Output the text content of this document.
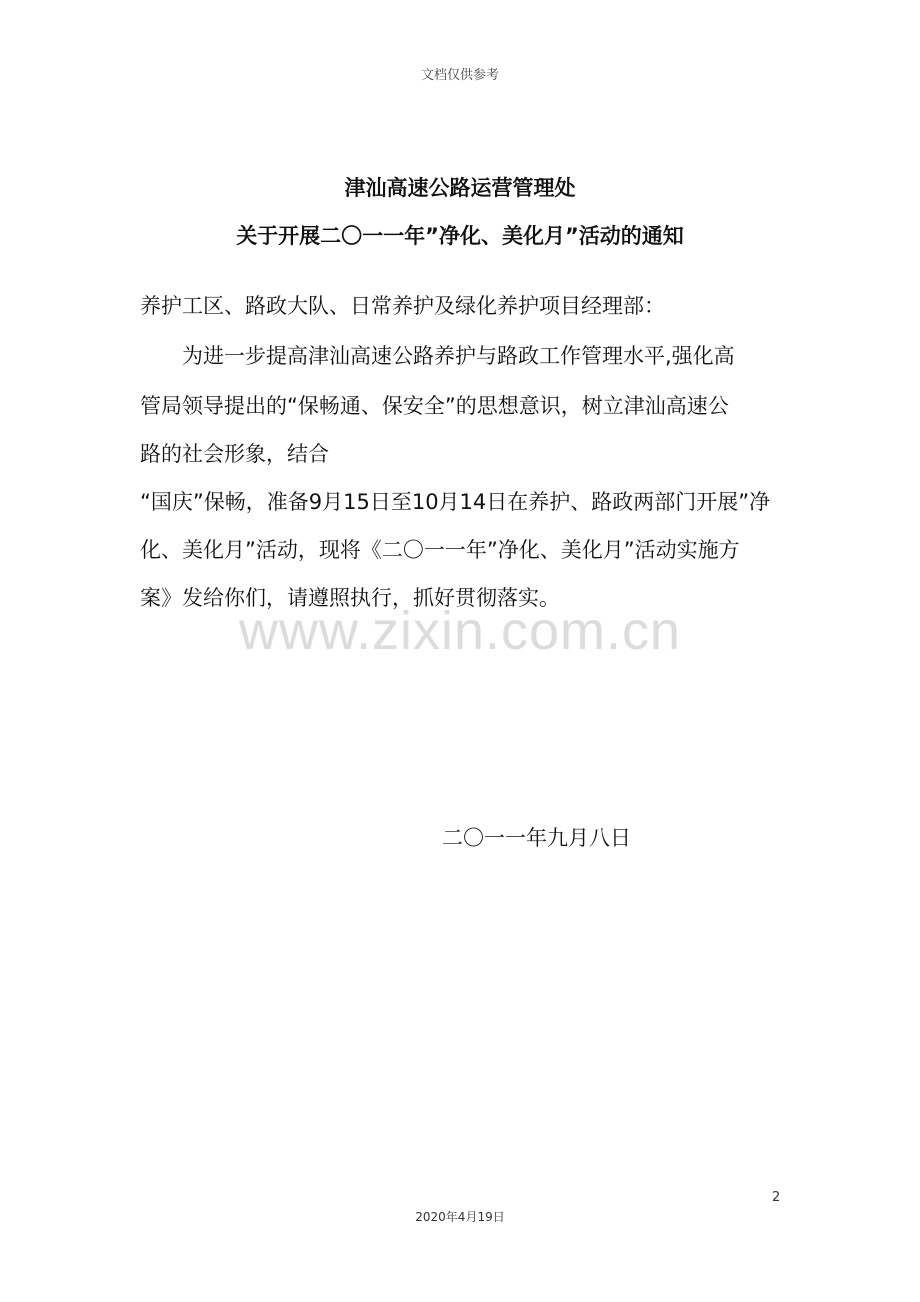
文档仅供参考
津汕高速公路运营管理处
关于开展二〇一一年”净化、美化月”活动的通知
养护工区、路政大队、日常养护及绿化养护项目经理部：
　　为进一步提高津汕高速公路养护与路政工作管理水平,强化高
管局领导提出的“保畅通、保安全”的思想意识，树立津汕高速公
路的社会形象，结合
“国庆”保畅，准备9月15日至10月14日在养护、路政两部门开展”净
化、美化月”活动，现将《二〇一一年”净化、美化月”活动实施方
案》发给你们，请遵照执行，抓好贯彻落实。
www.zixin.com.cn
二〇一一年九月八日
2
2020年4月19日
